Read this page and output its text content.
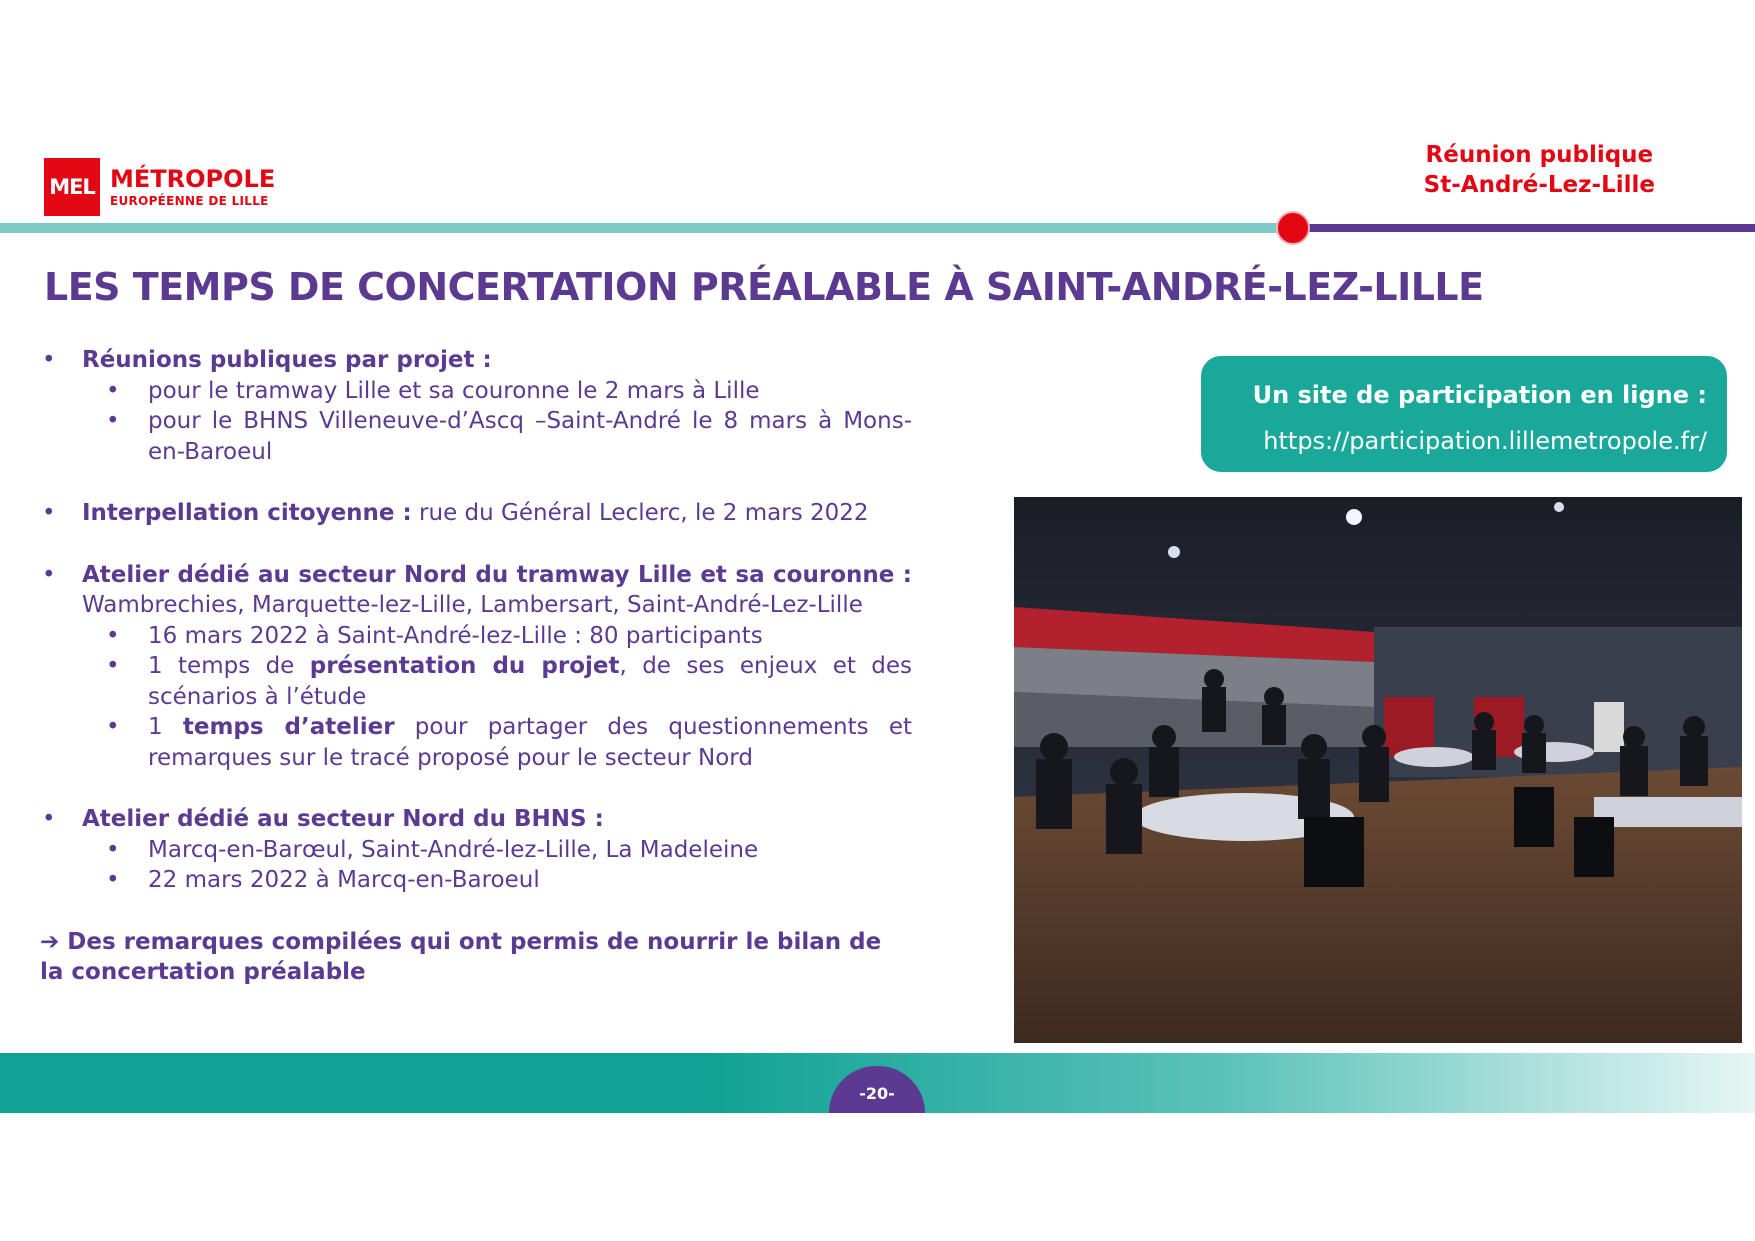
MEL MÉTROPOLE
EUROPÉENNE DE LILLE
Réunion publique
St-André-Lez-Lille
LES TEMPS DE CONCERTATION PRÉALABLE À SAINT-ANDRÉ-LEZ-LILLE
• Réunions publiques par projet :
• pour le tramway Lille et sa couronne le 2 mars à Lille
• pour le BHNS Villeneuve-d’Ascq –Saint-André le 8 mars à Mons-en-Baroeul
• Interpellation citoyenne : rue du Général Leclerc, le 2 mars 2022
• Atelier dédié au secteur Nord du tramway Lille et sa couronne : Wambrechies, Marquette-lez-Lille, Lambersart, Saint-André-Lez-Lille
• 16 mars 2022 à Saint-André-lez-Lille : 80 participants
• 1 temps de présentation du projet, de ses enjeux et des scénarios à l’étude
• 1 temps d’atelier pour partager des questionnements et remarques sur le tracé proposé pour le secteur Nord
• Atelier dédié au secteur Nord du BHNS :
• Marcq-en-Barœul, Saint-André-lez-Lille, La Madeleine
• 22 mars 2022 à Marcq-en-Baroeul
➔ Des remarques compilées qui ont permis de nourrir le bilan de la concertation préalable
Un site de participation en ligne :
https://participation.lillemetropole.fr/
-20-
